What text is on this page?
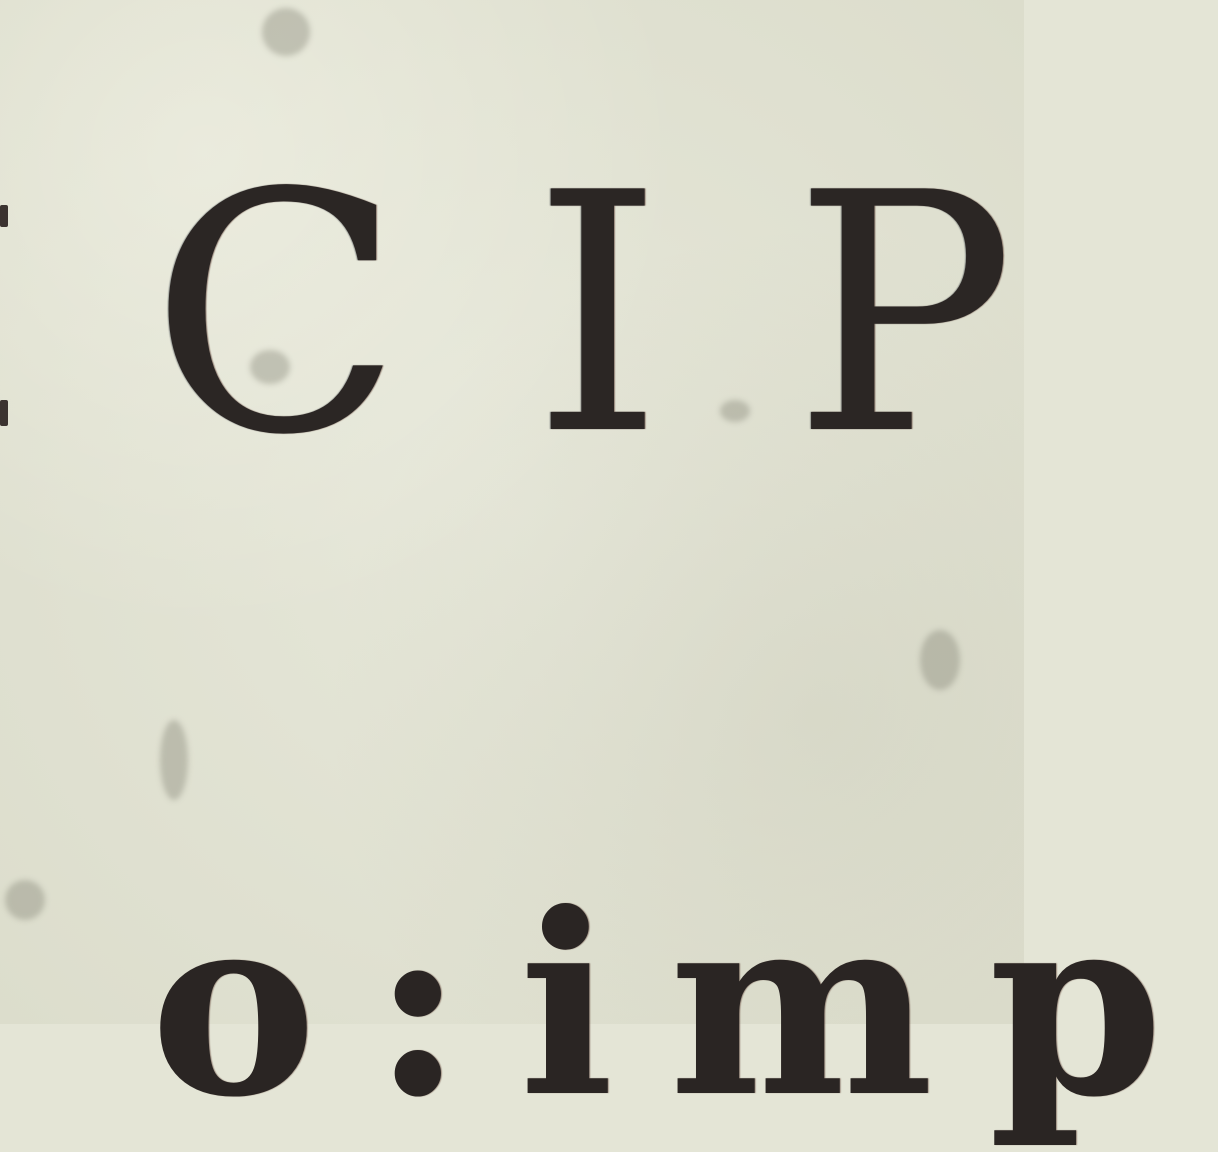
CIP

o:imp
